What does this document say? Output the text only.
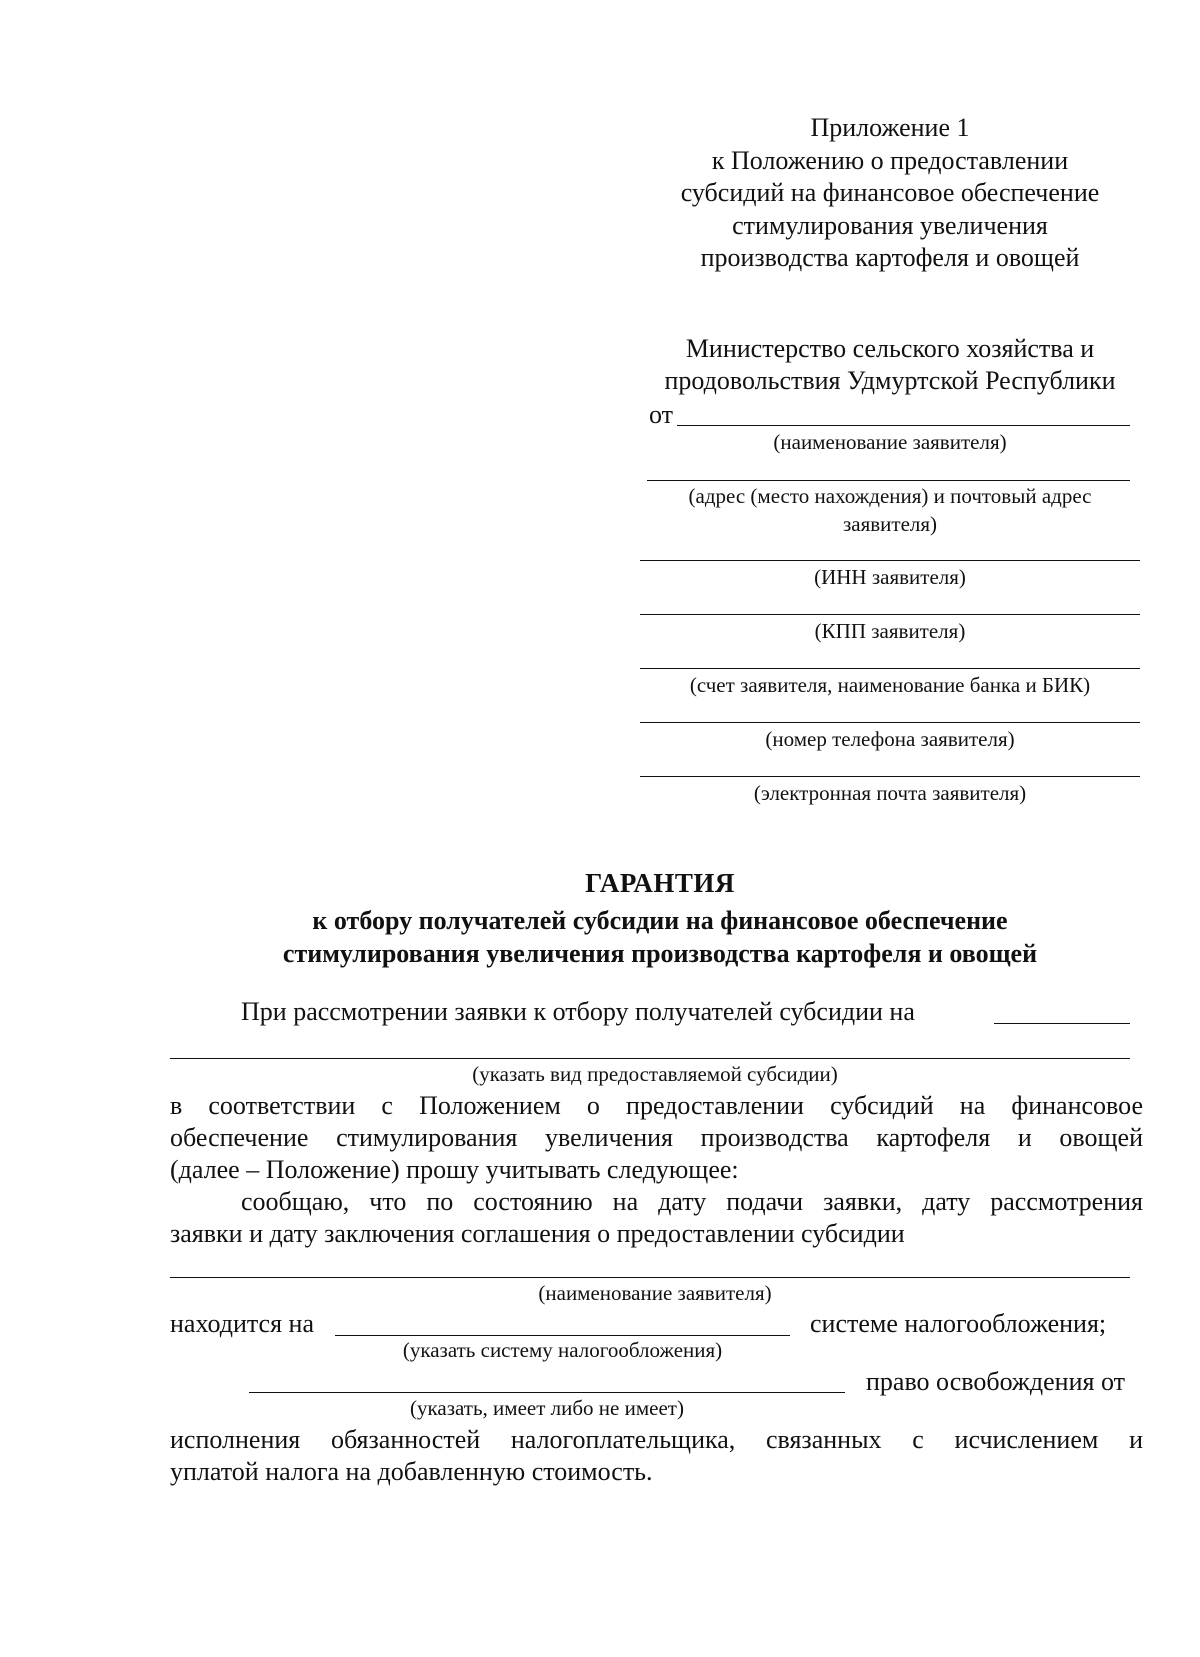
Приложение 1
к Положению о предоставлении
субсидий на финансовое обеспечение
стимулирования увеличения
производства картофеля и овощей
Министерство сельского хозяйства и
продовольствия Удмуртской Республики
от
(наименование заявителя)
(адрес (место нахождения) и почтовый адрес
заявителя)
(ИНН заявителя)
(КПП заявителя)
(счет заявителя, наименование банка и БИК)
(номер телефона заявителя)
(электронная почта заявителя)
ГАРАНТИЯ
к отбору получателей субсидии на финансовое обеспечение
стимулирования увеличения производства картофеля и овощей
При рассмотрении заявки к отбору получателей субсидии на
(указать вид предоставляемой субсидии)
в соответствии с Положением о предоставлении субсидий на финансовое
обеспечение стимулирования увеличения производства картофеля и овощей
(далее – Положение) прошу учитывать следующее:
сообщаю, что по состоянию на дату подачи заявки, дату рассмотрения
заявки и дату заключения соглашения о предоставлении субсидии
(наименование заявителя)
находится на	системе налогообложения;
(указать систему налогообложения)
право освобождения от
(указать, имеет либо не имеет)
исполнения обязанностей налогоплательщика, связанных с исчислением и
уплатой налога на добавленную стоимость.
